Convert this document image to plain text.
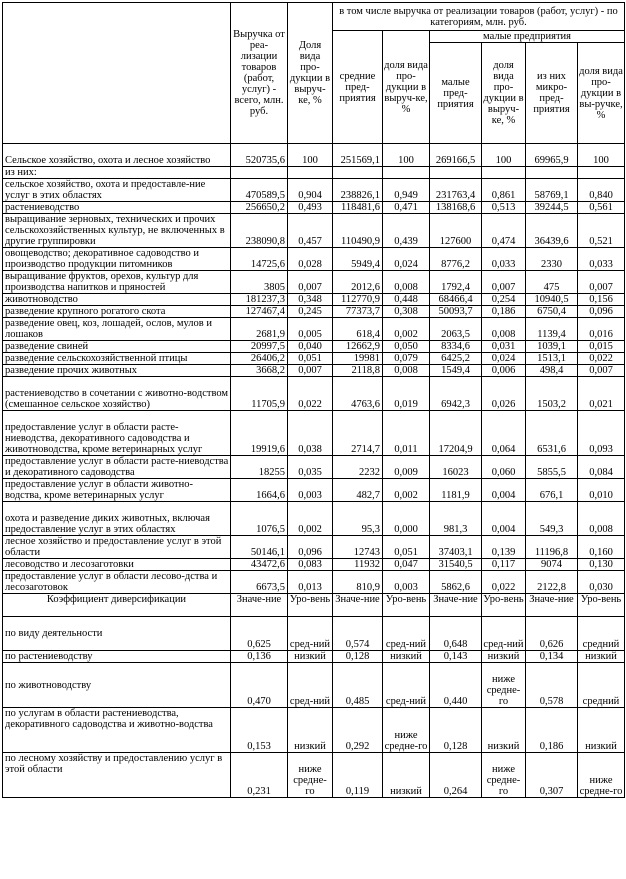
	Выручка от реа-лизации товаров (работ, услуг) - всего, млн. руб.	Доля вида про-дукции в выруч-ке, %	в том числе выручка от реализации товаров (работ, услуг) - по категориям, млн. руб.					
			средние пред-приятия	доля вида про-дукции в выруч-ке, %	малые предприятия			
					малые пред-приятия	доля вида про-дукции в выруч-ке, %	из них микро-пред-приятия	доля вида про-дукции в вы-ручке, %
Сельское хозяйство, охота и лесное хозяйство	520735,6	100	251569,1	100	269166,5	100	69965,9	100
из них:								
сельское хозяйство, охота и предоставле-ние услуг в этих областях	470589,5	0,904	238826,1	0,949	231763,4	0,861	58769,1	0,840
растениеводство	256650,2	0,493	118481,6	0,471	138168,6	0,513	39244,5	0,561
выращивание зерновых, технических и прочих сельскохозяйственных культур, не включенных в другие группировки	238090,8	0,457	110490,9	0,439	127600	0,474	36439,6	0,521
овощеводство; декоративное садоводство и производство продукции питомников	14725,6	0,028	5949,4	0,024	8776,2	0,033	2330	0,033
выращивание фруктов, орехов, культур для производства напитков и пряностей	3805	0,007	2012,6	0,008	1792,4	0,007	475	0,007
животноводство	181237,3	0,348	112770,9	0,448	68466,4	0,254	10940,5	0,156
разведение крупного рогатого скота	127467,4	0,245	77373,7	0,308	50093,7	0,186	6750,4	0,096
разведение овец, коз, лошадей, ослов, мулов и лошаков	2681,9	0,005	618,4	0,002	2063,5	0,008	1139,4	0,016
разведение свиней	20997,5	0,040	12662,9	0,050	8334,6	0,031	1039,1	0,015
разведение сельскохозяйственной птицы	26406,2	0,051	19981	0,079	6425,2	0,024	1513,1	0,022
разведение прочих животных	3668,2	0,007	2118,8	0,008	1549,4	0,006	498,4	0,007
растениеводство в сочетании с животно-водством (смешанное сельское хозяйство)	11705,9	0,022	4763,6	0,019	6942,3	0,026	1503,2	0,021
предоставление услуг в области расте-ниеводства, декоративного садоводства и животноводства, кроме ветеринарных услуг	19919,6	0,038	2714,7	0,011	17204,9	0,064	6531,6	0,093
предоставление услуг в области расте-ниеводства и декоративного садоводства	18255	0,035	2232	0,009	16023	0,060	5855,5	0,084
предоставление услуг в области животно-водства, кроме ветеринарных услуг	1664,6	0,003	482,7	0,002	1181,9	0,004	676,1	0,010
охота и разведение диких животных, включая предоставление услуг в этих областях	1076,5	0,002	95,3	0,000	981,3	0,004	549,3	0,008
лесное хозяйство и предоставление услуг в этой области	50146,1	0,096	12743	0,051	37403,1	0,139	11196,8	0,160
лесоводство и лесозаготовки	43472,6	0,083	11932	0,047	31540,5	0,117	9074	0,130
предоставление услуг в области лесово-дства и лесозаготовок	6673,5	0,013	810,9	0,003	5862,6	0,022	2122,8	0,030
Коэффициент диверсификации	Значе-ние	Уро-вень	Значе-ние	Уро-вень	Значе-ние	Уро-вень	Значе-ние	Уро-вень
по виду деятельности	0,625	сред-ний	0,574	сред-ний	0,648	сред-ний	0,626	средний
по растениеводству	0,136	низкий	0,128	низкий	0,143	низкий	0,134	низкий
по животноводству	0,470	сред-ний	0,485	сред-ний	0,440	ниже средне-го	0,578	средний
по услугам в области растениеводства, декоративного садоводства и животно-водства	0,153	низкий	0,292	ниже средне-го	0,128	низкий	0,186	низкий
по лесному хозяйству и предоставлению услуг в этой области	0,231	ниже средне-го	0,119	низкий	0,264	ниже средне-го	0,307	ниже средне-го
